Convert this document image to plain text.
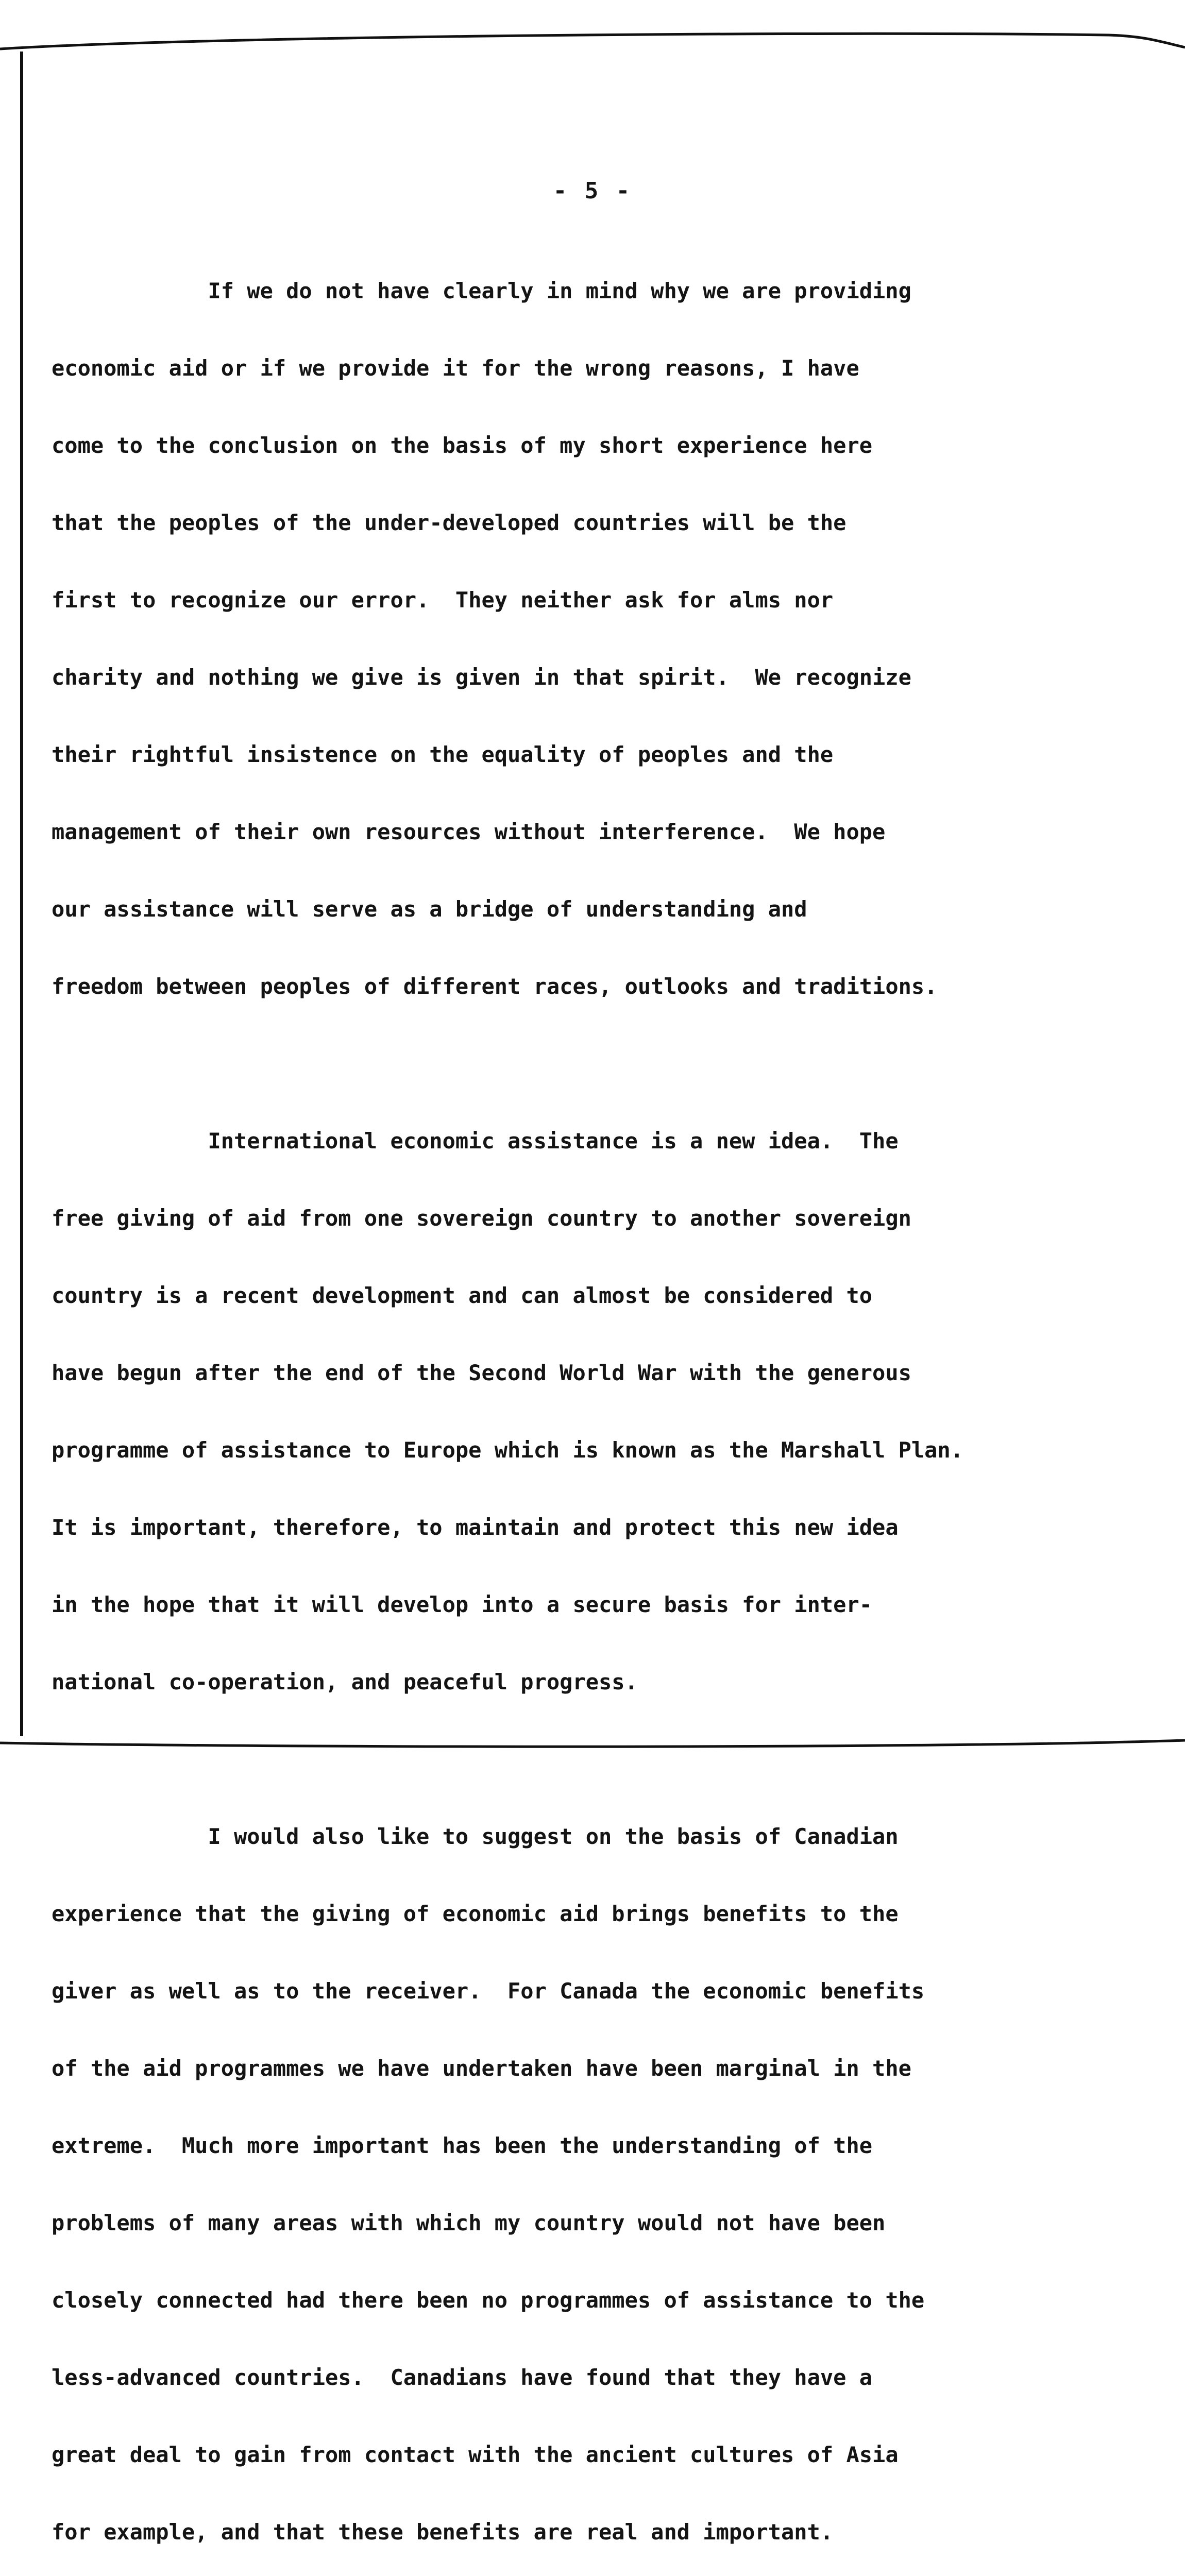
- 5 -

If we do not have clearly in mind why we are providing

economic aid or if we provide it for the wrong reasons, I have

come to the conclusion on the basis of my short experience here

that the peoples of the under-developed countries will be the

first to recognize our error.  They neither ask for alms nor

charity and nothing we give is given in that spirit.  We recognize

their rightful insistence on the equality of peoples and the

management of their own resources without interference.  We hope

our assistance will serve as a bridge of understanding and

freedom between peoples of different races, outlooks and traditions.

International economic assistance is a new idea.  The

free giving of aid from one sovereign country to another sovereign

country is a recent development and can almost be considered to

have begun after the end of the Second World War with the generous

programme of assistance to Europe which is known as the Marshall Plan.

It is important, therefore, to maintain and protect this new idea

in the hope that it will develop into a secure basis for inter-

national co-operation, and peaceful progress.

I would also like to suggest on the basis of Canadian

experience that the giving of economic aid brings benefits to the

giver as well as to the receiver.  For Canada the economic benefits

of the aid programmes we have undertaken have been marginal in the

extreme.  Much more important has been the understanding of the

problems of many areas with which my country would not have been

closely connected had there been no programmes of assistance to the

less-advanced countries.  Canadians have found that they have a

great deal to gain from contact with the ancient cultures of Asia

for example, and that these benefits are real and important.
